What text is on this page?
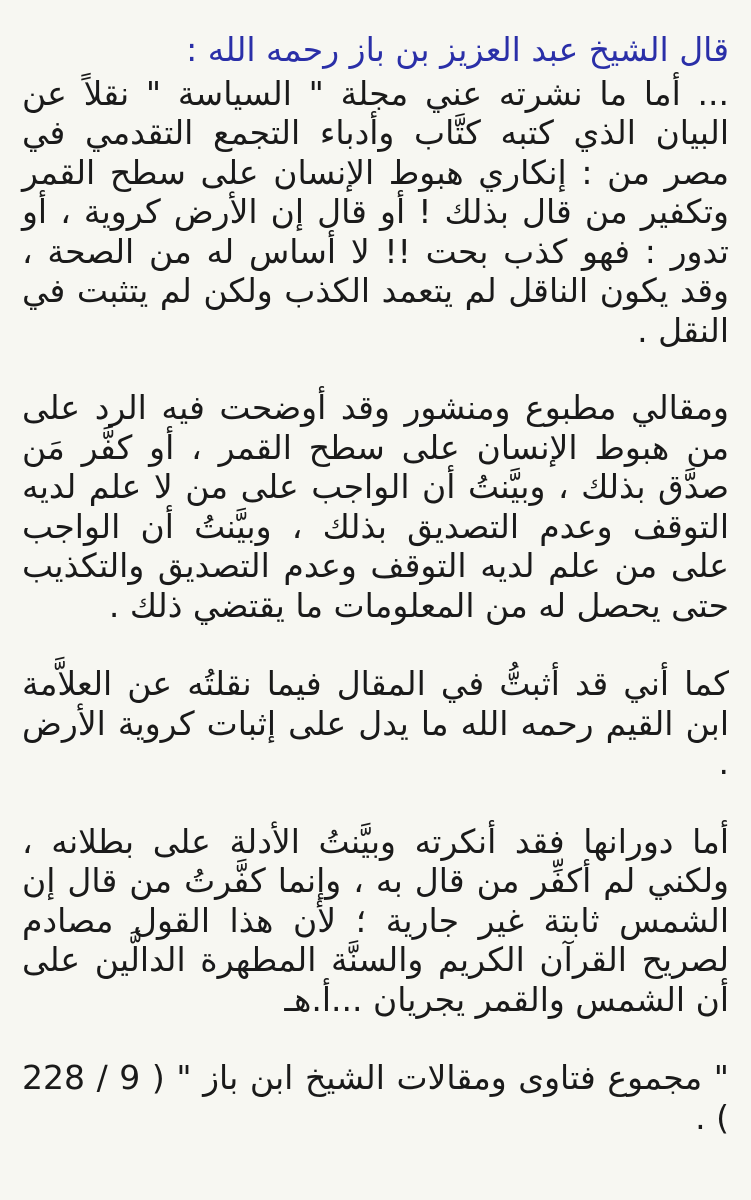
قال الشيخ عبد العزيز بن باز رحمه الله :

... أما ما نشرته عني مجلة " السياسة " نقلاً عن البيان الذي كتبه كتَّاب وأدباء التجمع التقدمي في مصر من : إنكاري هبوط الإنسان على سطح القمر وتكفير من قال بذلك ! أو قال إن الأرض كروية ، أو تدور : فهو كذب بحت !! لا أساس له من الصحة ، وقد يكون الناقل لم يتعمد الكذب ولكن لم يتثبت في النقل .

ومقالي مطبوع ومنشور وقد أوضحت فيه الرد على من هبوط الإنسان على سطح القمر ، أو كفَّر مَن صدَّق بذلك ، وبيَّنتُ أن الواجب على من لا علم لديه التوقف وعدم التصديق بذلك ، وبيَّنتُ أن الواجب على من علم لديه التوقف وعدم التصديق والتكذيب حتى يحصل له من المعلومات ما يقتضي ذلك .

كما أني قد أثبتُّ في المقال فيما نقلتُه عن العلاَّمة ابن القيم رحمه الله ما يدل على إثبات كروية الأرض .

أما دورانها فقد أنكرته وبيَّنتُ الأدلة على بطلانه ، ولكني لم أكفِّر من قال به ، وإنما كفَّرتُ من قال إن الشمس ثابتة غير جارية ؛ لأن هذا القول مصادم لصريح القرآن الكريم والسنَّة المطهرة الدالَّين على أن الشمس والقمر يجريان ...أ.هـ

" مجموع فتاوى ومقالات الشيخ ابن باز " ( 9 / 228 ) .
